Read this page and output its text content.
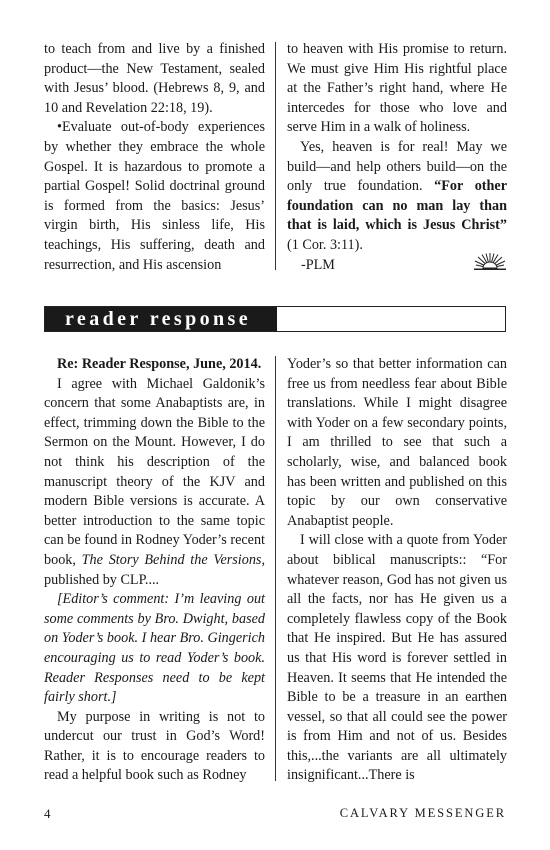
to teach from and live by a finished product—the New Testament, sealed with Jesus’ blood. (Hebrews 8, 9, and 10 and Revelation 22:18, 19).

•Evaluate out-of-body experiences by whether they embrace the whole Gospel. It is hazardous to promote a partial Gospel! Solid doctrinal ground is formed from the basics: Jesus’ virgin birth, His sinless life, His teachings, His suffering, death and resurrection, and His ascension

to heaven with His promise to return. We must give Him His rightful place at the Father’s right hand, where He intercedes for those who love and serve Him in a walk of holiness.

Yes, heaven is for real! May we build—and help others build—on the only true foundation. “For other foundation can no man lay than that is laid, which is Jesus Christ” (1 Cor. 3:11).

-PLM

reader response

Re: Reader Response, June, 2014.

I agree with Michael Galdonik’s concern that some Anabaptists are, in effect, trimming down the Bible to the Sermon on the Mount. However, I do not think his description of the manuscript theory of the KJV and modern Bible versions is accurate. A better introduction to the same topic can be found in Rodney Yoder’s recent book, The Story Behind the Versions, published by CLP....

[Editor’s comment: I’m leaving out some comments by Bro. Dwight, based on Yoder’s book. I hear Bro. Gingerich encouraging us to read Yoder’s book. Reader Responses need to be kept fairly short.]

My purpose in writing is not to undercut our trust in God’s Word! Rather, it is to encourage readers to read a helpful book such as Rodney

Yoder’s so that better information can free us from needless fear about Bible translations. While I might disagree with Yoder on a few secondary points, I am thrilled to see that such a scholarly, wise, and balanced book has been written and published on this topic by our own conservative Anabaptist people.

I will close with a quote from Yoder about biblical manuscripts:: “For whatever reason, God has not given us all the facts, nor has He given us a completely flawless copy of the Book that He inspired. But He has assured us that His word is forever settled in Heaven. It seems that He intended the Bible to be a treasure in an earthen vessel, so that all could see the power is from Him and not of us. Besides this,...the variants are all ultimately insignificant...There is

4	CALVARY MESSENGER
